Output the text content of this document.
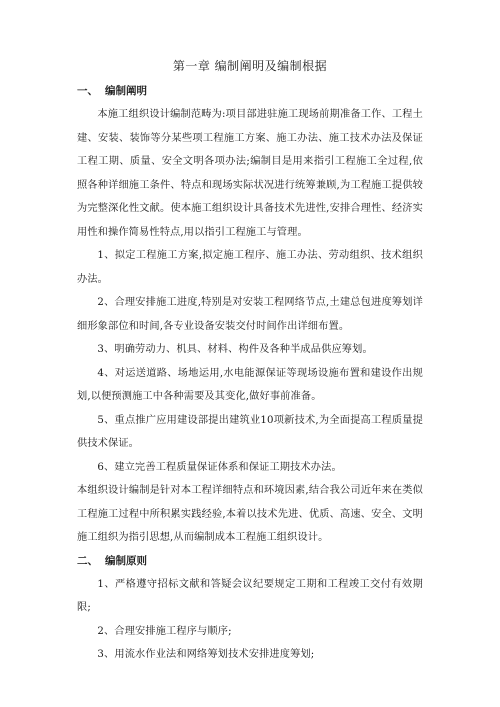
第一章 编制阐明及编制根据
一、 编制阐明

本施工组织设计编制范畴为:项目部进驻施工现场前期准备工作、工程土建、安装、装饰等分某些项工程施工方案、施工办法、施工技术办法及保证工程工期、质量、安全文明各项办法;编制目是用来指引工程施工全过程,依照各种详细施工条件、特点和现场实际状况进行统筹兼顾,为工程施工提供较为完整深化性文献。使本施工组织设计具备技术先进性,安排合理性、经济实用性和操作简易性特点,用以指引工程施工与管理。

1、拟定工程施工方案,拟定施工程序、施工办法、劳动组织、技术组织办法。

2、合理安排施工进度,特别是对安装工程网络节点,土建总包进度筹划详细形象部位和时间,各专业设备安装交付时间作出详细布置。

3、明确劳动力、机具、材料、构件及各种半成品供应筹划。

4、对运送道路、场地运用,水电能源保证等现场设施布置和建设作出规划,以便预测施工中各种需要及其变化,做好事前准备。

5、重点推广应用建设部提出建筑业10项新技术,为全面提高工程质量提供技术保证。

6、建立完善工程质量保证体系和保证工期技术办法。

本组织设计编制是针对本工程详细特点和环境因素,结合我公司近年来在类似工程施工过程中所积累实践经验,本着以技术先进、优质、高速、安全、文明施工组织为指引思想,从而编制成本工程施工组织设计。

二、 编制原则

1、严格遵守招标文献和答疑会议纪要规定工期和工程竣工交付有效期限;

2、合理安排施工程序与顺序;

3、用流水作业法和网络筹划技术安排进度筹划;
